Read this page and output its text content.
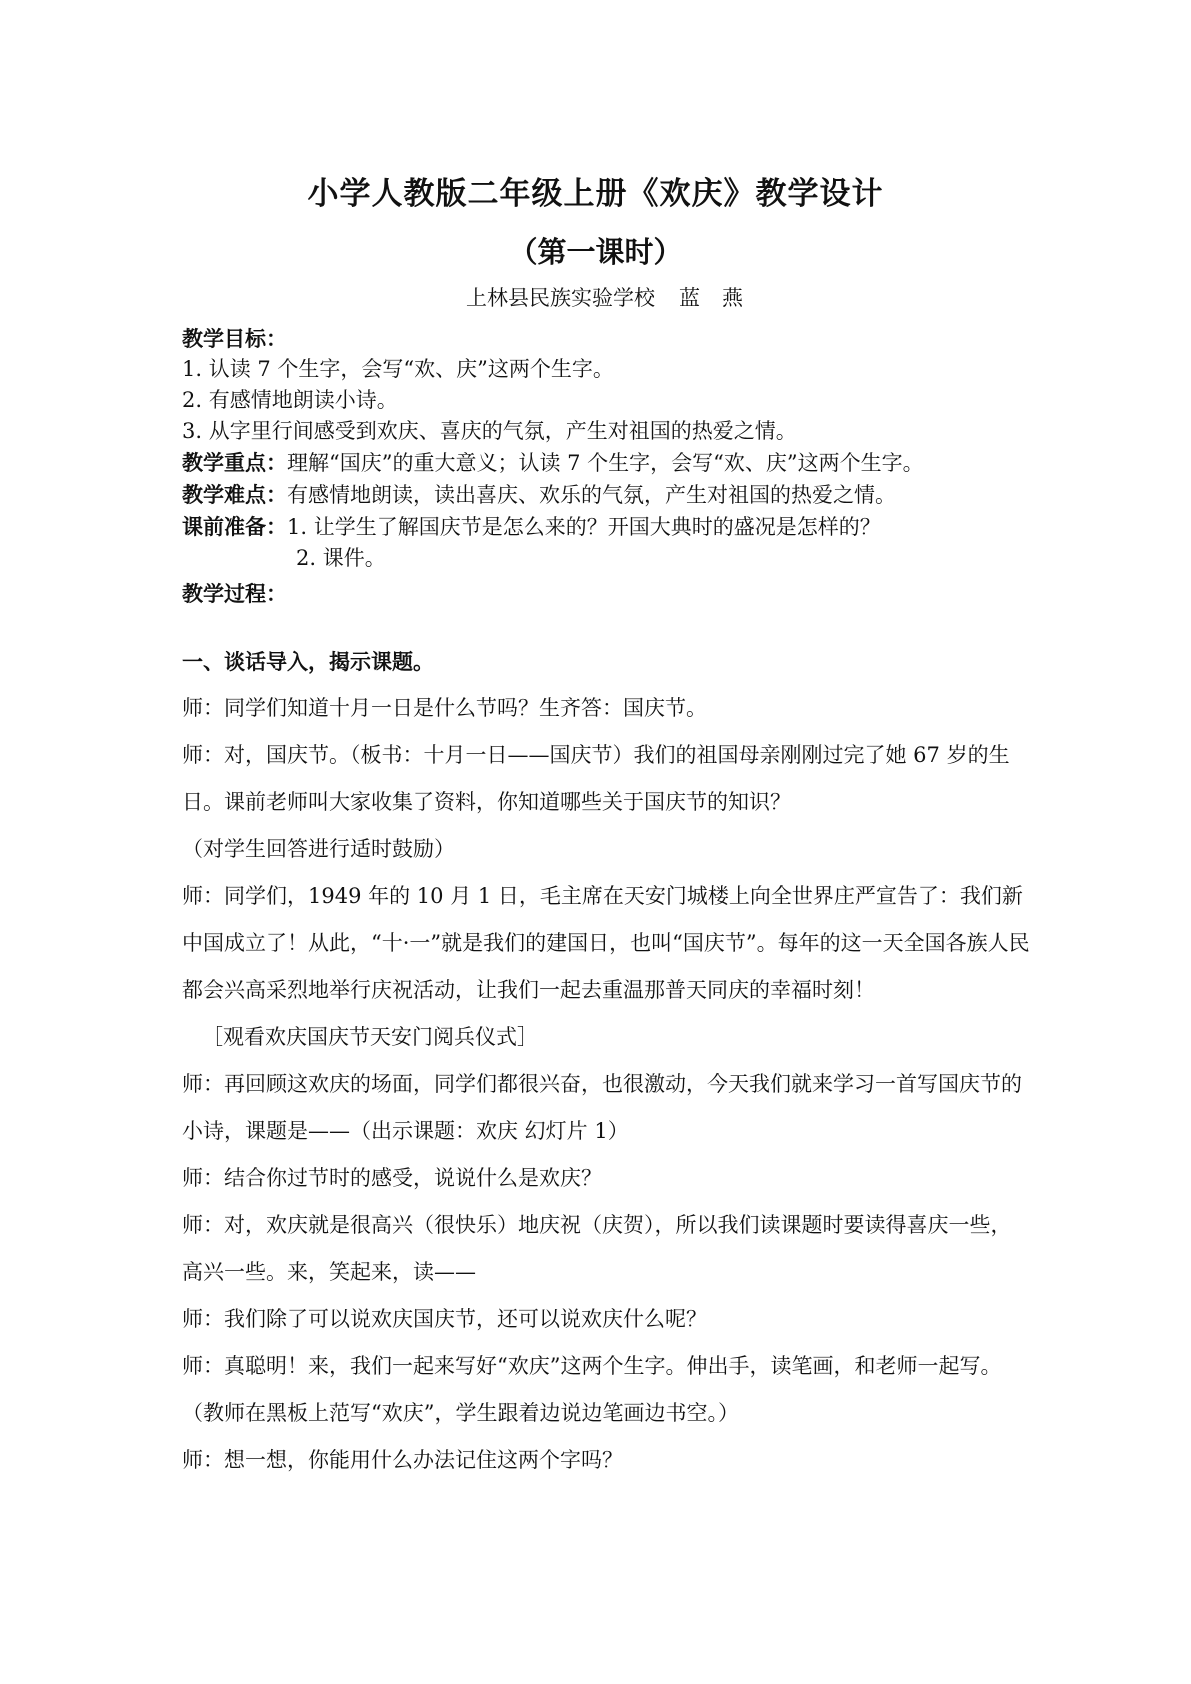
小学人教版二年级上册《欢庆》教学设计
（第一课时）
上林县民族实验学校 蓝燕
教学目标：
1. 认读 7 个生字，会写“欢、庆”这两个生字。
2. 有感情地朗读小诗。
3. 从字里行间感受到欢庆、喜庆的气氛，产生对祖国的热爱之情。
教学重点：理解“国庆”的重大意义；认读 7 个生字，会写“欢、庆”这两个生字。
教学难点：有感情地朗读，读出喜庆、欢乐的气氛，产生对祖国的热爱之情。
课前准备：1. 让学生了解国庆节是怎么来的？开国大典时的盛况是怎样的？
2. 课件。
教学过程：
一、谈话导入，揭示课题。
师：同学们知道十月一日是什么节吗？生齐答：国庆节。
师：对，国庆节。（板书：十月一日——国庆节）我们的祖国母亲刚刚过完了她 67 岁的生日。课前老师叫大家收集了资料，你知道哪些关于国庆节的知识？
（对学生回答进行适时鼓励）
师：同学们，1949 年的 10 月 1 日，毛主席在天安门城楼上向全世界庄严宣告了：我们新中国成立了！从此，“十·一”就是我们的建国日，也叫“国庆节”。每年的这一天全国各族人民都会兴高采烈地举行庆祝活动，让我们一起去重温那普天同庆的幸福时刻！
［观看欢庆国庆节天安门阅兵仪式］
师：再回顾这欢庆的场面，同学们都很兴奋，也很激动，今天我们就来学习一首写国庆节的小诗，课题是——（出示课题：欢庆 幻灯片 1）
师：结合你过节时的感受，说说什么是欢庆？
师：对，欢庆就是很高兴（很快乐）地庆祝（庆贺），所以我们读课题时要读得喜庆一些，高兴一些。来，笑起来，读——
师：我们除了可以说欢庆国庆节，还可以说欢庆什么呢？
师：真聪明！来，我们一起来写好“欢庆”这两个生字。伸出手，读笔画，和老师一起写。（教师在黑板上范写“欢庆”，学生跟着边说边笔画边书空。）
师：想一想，你能用什么办法记住这两个字吗？
